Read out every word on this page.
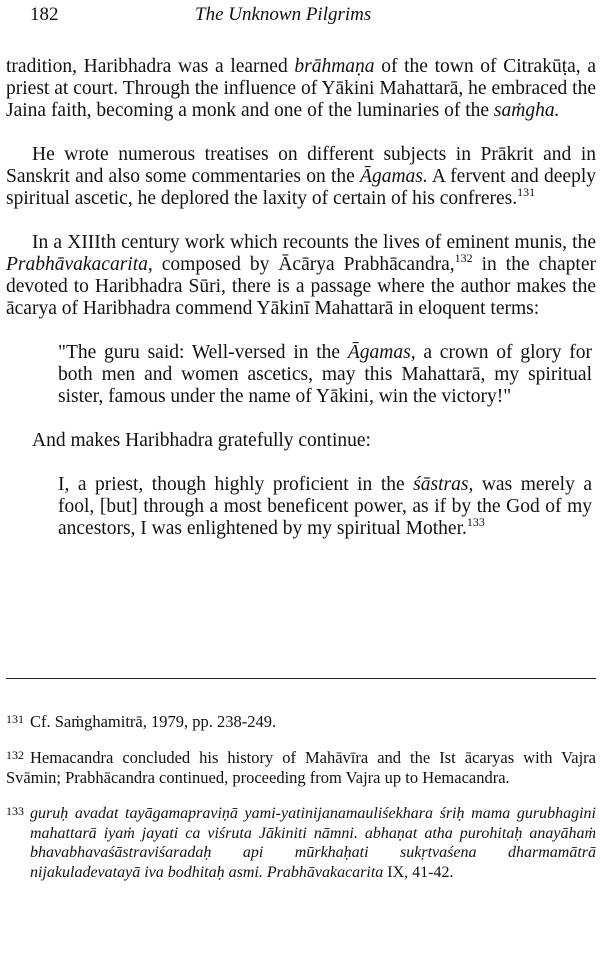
182	The Unknown Pilgrims

tradition, Haribhadra was a learned brāhmaṇa of the town of Citrakūṭa, a priest at court. Through the influence of Yākini Mahattarā, he embraced the Jaina faith, becoming a monk and one of the luminaries of the saṁgha.

He wrote numerous treatises on different subjects in Prākrit and in Sanskrit and also some commentaries on the Āgamas. A fervent and deeply spiritual ascetic, he deplored the laxity of certain of his confreres.$^{131}$

In a XIIIth century work which recounts the lives of eminent munis, the Prabhāvakacarita, composed by Ācārya Prabhācandra,$^{132}$ in the chapter devoted to Haribhadra Sūri, there is a passage where the author makes the ācarya of Haribhadra commend Yākinī Mahattarā in eloquent terms:

"The guru said: Well-versed in the Āgamas, a crown of glory for both men and women ascetics, may this Mahattarā, my spiritual sister, famous under the name of Yākini, win the victory!"

And makes Haribhadra gratefully continue:

I, a priest, though highly proficient in the śāstras, was merely a fool, [but] through a most beneficent power, as if by the God of my ancestors, I was enlightened by my spiritual Mother.$^{133}$

$^{131}$ Cf. Saṁghamitrā, 1979, pp. 238-249.

$^{132}$ Hemacandra concluded his history of Mahāvīra and the Ist ācaryas with Vajra Svāmin; Prabhācandra continued, proceeding from Vajra up to Hemacandra.

133 guruḥ avadat tayāgamapraviṇā yami-yatinijanamauliśekhara śriḥ mama gurubhagini mahattarā iyaṁ jayati ca viśruta Jākiniti nāmni. abhaṇat atha purohitaḥ anayāhaṁ bhavabhavaśāstraviśaradaḥ api mūrkhaḥati sukṛtvaśena dharmamātrā nijakuladevatayā iva bodhitaḥ asmi. Prabhāvakacarita IX, 41-42.
